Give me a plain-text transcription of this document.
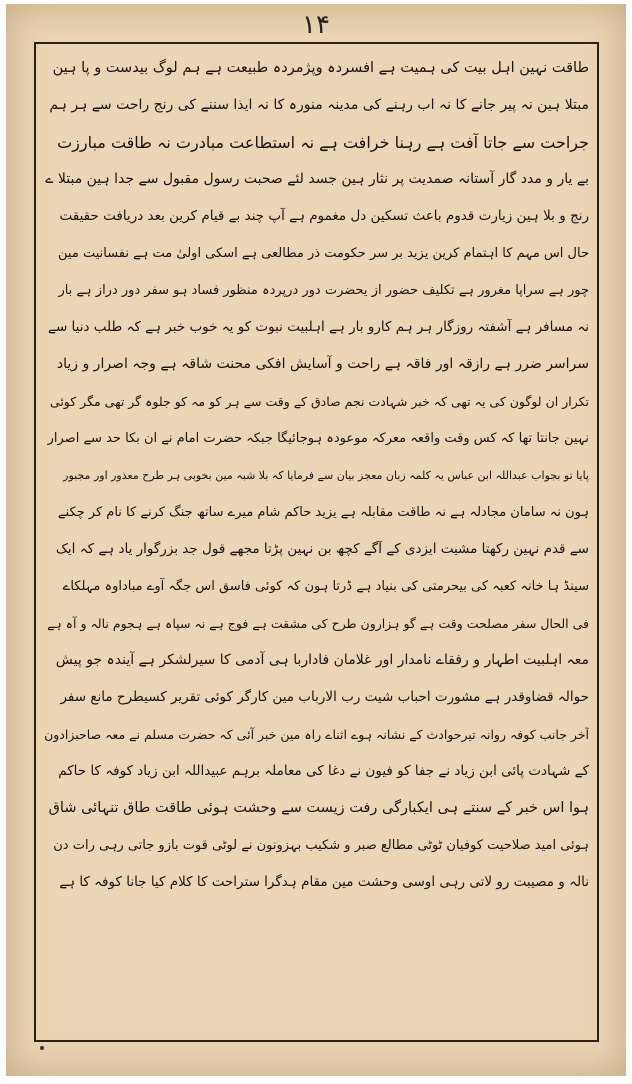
۱۴
طاقت نہین اہل بیت کی ہمیت ہے افسردہ وپژمردہ طبیعت ہے ہم لوگ بیدست و پا ہین
مبتلا ہین نہ پیر جانے کا نہ اب رہنے کی مدینہ منورہ کا نہ ایذا سننے کی رنج راحت سے ہر ہم
جراحت سے جاتا آفت ہے رہنا خرافت ہے نہ استطاعت مبادرت نہ طاقت مبارزت
بے یار و مدد گار آستانہ صمدیت پر نثار ہین جسد لئے صحبت رسول مقبول سے جدا ہین مبتلا ے
رنج و بلا ہین زیارت قدوم باعث تسکین دل مغموم ہے آپ چند بے قیام کرین بعد دریافت حقیقت
حال اس مہم کا اہتمام کرین یزید بر سر حکومت ذر مطالعی ہے اسکی اولیٰ مت ہے نفسانیت مین
چور ہے سراپا مغرور ہے تکلیف حضور از یحضرت دور درپردہ منظور فساد ہو سفر دور دراز ہے بار
نہ مسافر ہے آشفتہ روزگار ہر ہم کارو بار ہے اہلبیت نبوت کو یہ خوب خبر ہے کہ طلب دنیا سے
سراسر ضرر ہے رازقہ اور فاقہ ہے راحت و آسایش افکی محنت شاقہ ہے وجہ اصرار و زیاد
تکرار ان لوگون کی یہ تھی کہ خبر شہادت نجم صادق کے وقت سے ہر کو مہ کو جلوہ گر تھی مگر کوئی
نہین جانتا تھا کہ کس وقت واقعہ معرکہ موعودہ ہوجائیگا جبکہ حضرت امام نے ان بکا حد سے اصرار
پایا تو بجواب عبداللہ ابن عباس یہ کلمہ زبان معجز بیان سے فرمایا کہ بلا شبہ مین بخوبی ہر طرح معذور اور مجبور
ہون نہ سامان مجادلہ ہے نہ طاقت مقابلہ ہے یزید حاکم شام میرے ساتھ جنگ کرنے کا نام کر چکنے
سے قدم نہین رکھتا مشیت ایزدی کے آگے کچھ بن نہین پڑتا مجھے قول جد بزرگوار یاد ہے کہ ایک
سینڈ ہا خانہ کعبہ کی بیحرمتی کی بنیاد ہے ڈرتا ہون کہ کوئی فاسق اس جگہ آوے مباداوہ مہلکاے
فی الحال سفر مصلحت وقت ہے گو ہزارون طرح کی مشقت ہے فوج ہے نہ سپاہ ہے ہجوم نالہ و آہ ہے
معہ اہلبیت اطہار و رفقاے نامدار اور غلامان فاداربا ہی آدمی کا سیرلشکر ہے آیندہ جو پیش
حوالہ قضاوقدر ہے مشورت احباب شیت رب الارباب مین کارگر کوئی تقریر کسیطرح مانع سفر
آخر جانب کوفہ روانہ تیرحوادث کے نشانہ ہوے اثناے راہ مین خبر آئی کہ حضرت مسلم نے معہ صاحبزادون
کے شہادت پائی ابن زیاد نے جفا کو فیون نے دغا کی معاملہ برہم عبیداللہ ابن زیاد کوفہ کا حاکم
ہوا اس خبر کے سنتے ہی ایکبارگی رفت زیست سے وحشت ہوئی طاقت طاق تنہائی شاق
ہوئی امید صلاحیت کوفیان ٹوٹی مطالع صبر و شکیب بہزونون نے لوٹی قوت بازو جاتی رہی رات دن
نالہ و مصیبت رو لاتی رہی اوسی وحشت مین مقام ہدگرا ستراحت کا کلام کیا جانا کوفہ کا ہے
